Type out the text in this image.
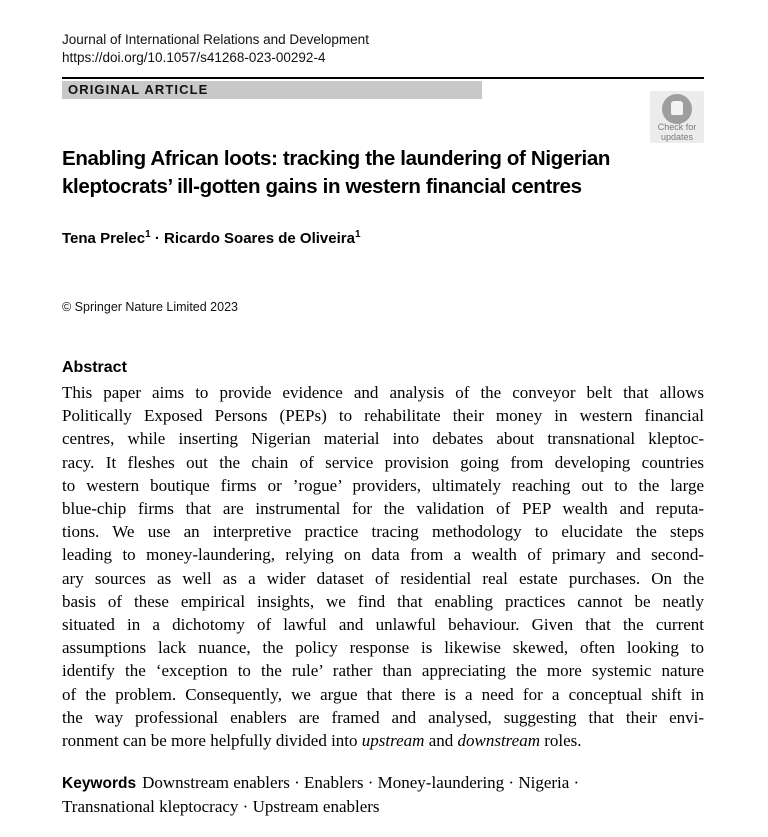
Journal of International Relations and Development
https://doi.org/10.1057/s41268-023-00292-4
ORIGINAL ARTICLE
Check for
updates
Enabling African loots: tracking the laundering of Nigerian
kleptocrats’ ill-gotten gains in western financial centres
Tena Prelec$^1$ · Ricardo Soares de Oliveira$^1$
© Springer Nature Limited 2023
Abstract
This paper aims to provide evidence and analysis of the conveyor belt that allows
Politically Exposed Persons (PEPs) to rehabilitate their money in western financial
centres, while inserting Nigerian material into debates about transnational kleptoc-
racy. It fleshes out the chain of service provision going from developing countries
to western boutique firms or ’rogue’ providers, ultimately reaching out to the large
blue-chip firms that are instrumental for the validation of PEP wealth and reputa-
tions. We use an interpretive practice tracing methodology to elucidate the steps
leading to money-laundering, relying on data from a wealth of primary and second-
ary sources as well as a wider dataset of residential real estate purchases. On the
basis of these empirical insights, we find that enabling practices cannot be neatly
situated in a dichotomy of lawful and unlawful behaviour. Given that the current
assumptions lack nuance, the policy response is likewise skewed, often looking to
identify the ‘exception to the rule’ rather than appreciating the more systemic nature
of the problem. Consequently, we argue that there is a need for a conceptual shift in
the way professional enablers are framed and analysed, suggesting that their envi-
ronment can be more helpfully divided into upstream and downstream roles.
Keywords Downstream enablers · Enablers · Money-laundering · Nigeria ·
Transnational kleptocracy · Upstream enablers
